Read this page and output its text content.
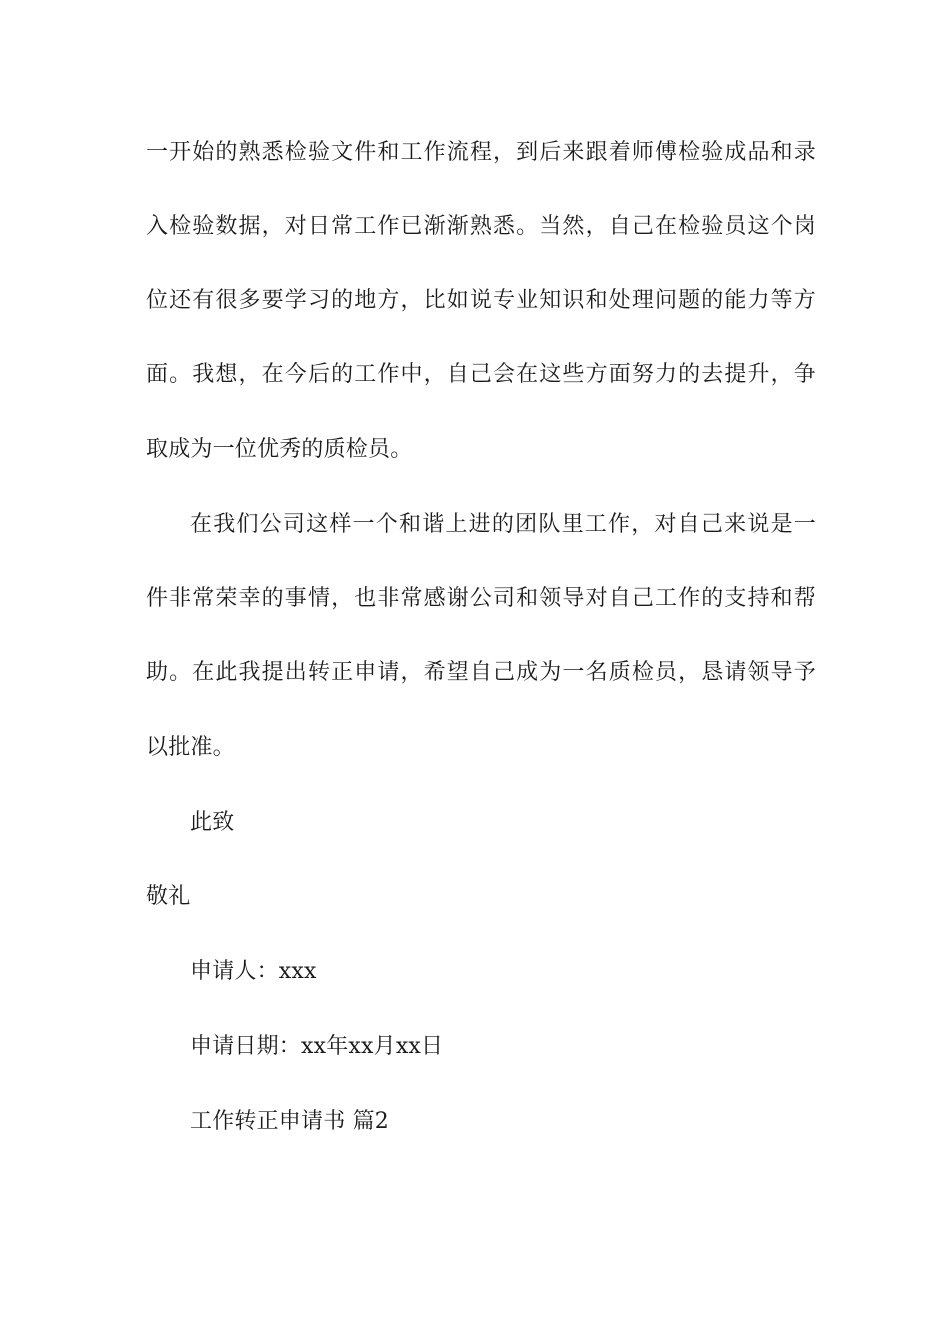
一开始的熟悉检验文件和工作流程，到后来跟着师傅检验成品和录
入检验数据，对日常工作已渐渐熟悉。当然，自己在检验员这个岗
位还有很多要学习的地方，比如说专业知识和处理问题的能力等方
面。我想，在今后的工作中，自己会在这些方面努力的去提升，争
取成为一位优秀的质检员。
在我们公司这样一个和谐上进的团队里工作，对自己来说是一
件非常荣幸的事情，也非常感谢公司和领导对自己工作的支持和帮
助。在此我提出转正申请，希望自己成为一名质检员，恳请领导予
以批准。
此致
敬礼
申请人：xxx
申请日期：xx年xx月xx日
工作转正申请书 篇2
